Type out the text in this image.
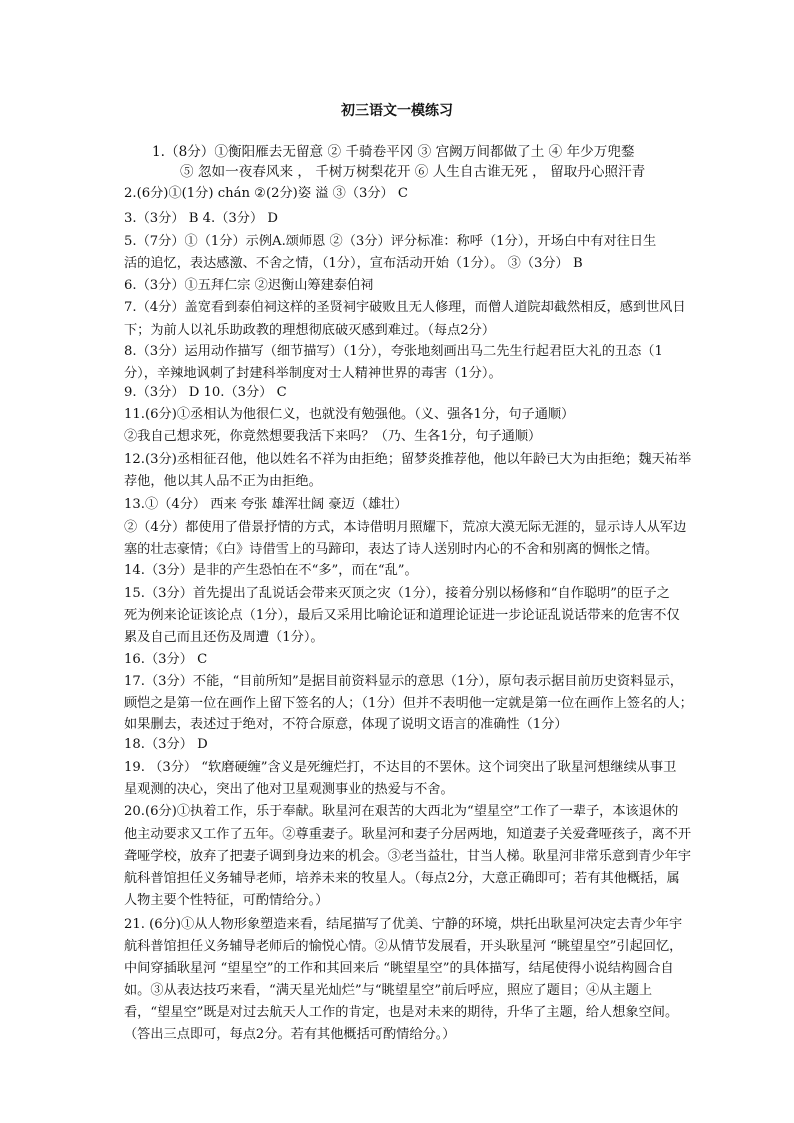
初三语文一模练习
1.（8分）①衡阳雁去无留意 ② 千骑卷平冈 ③ 宫阙万间都做了土 ④ 年少万兜鍪
⑤ 忽如一夜春风来 ， 千树万树梨花开 ⑥ 人生自古谁无死 ， 留取丹心照汗青
2.(6分)①(1分) chán ②(2分)姿 溢 ③（3分） C
3.（3分） B 4.（3分） D
5.（7分）①（1分）示例A.颂师恩 ②（3分）评分标准：称呼（1分），开场白中有对往日生
活的追忆，表达感激、不舍之情，（1分），宣布活动开始（1分）。 ③（3分） B
6.（3分）①五拜仁宗 ②迟衡山筹建泰伯祠
7.（4分）盖宽看到泰伯祠这样的圣贤祠宇破败且无人修理，而僧人道院却截然相反，感到世风日
下；为前人以礼乐助政教的理想彻底破灭感到难过。（每点2分）
8.（3分）运用动作描写（细节描写）（1分），夸张地刻画出马二先生行起君臣大礼的丑态（1
分），辛辣地讽刺了封建科举制度对士人精神世界的毒害（1分）。
9.（3分） D 10.（3分） C
11.(6分)①丞相认为他很仁义，也就没有勉强他。（义、强各1分，句子通顺）
②我自己想求死，你竟然想要我活下来吗？（乃、生各1分，句子通顺）
12.(3分)丞相征召他，他以姓名不祥为由拒绝；留梦炎推荐他，他以年龄已大为由拒绝；魏天祐举
荐他，他以其人品不正为由拒绝。
13.①（4分） 西来 夸张 雄浑壮阔 豪迈（雄壮）
②（4分）都使用了借景抒情的方式，本诗借明月照耀下，荒凉大漠无际无涯的，显示诗人从军边
塞的壮志豪情；《白》诗借雪上的马蹄印，表达了诗人送别时内心的不舍和别离的惆怅之情。
14.（3分）是非的产生恐怕在不“多”，而在“乱”。
15.（3分）首先提出了乱说话会带来灭顶之灾（1分），接着分别以杨修和“自作聪明”的臣子之
死为例来论证该论点（1分），最后又采用比喻论证和道理论证进一步论证乱说话带来的危害不仅
累及自己而且还伤及周遭（1分）。
16.（3分） C
17.（3分）不能，“目前所知”是据目前资料显示的意思（1分），原句表示据目前历史资料显示，
顾恺之是第一位在画作上留下签名的人；（1分）但并不表明他一定就是第一位在画作上签名的人；
如果删去，表述过于绝对，不符合原意，体现了说明文语言的准确性（1分）
18.（3分） D
19. （3分） “软磨硬缠”含义是死缠烂打，不达目的不罢休。这个词突出了耿星河想继续从事卫
星观测的决心，突出了他对卫星观测事业的热爱与不舍。
20.(6分)①执着工作，乐于奉献。耿星河在艰苦的大西北为“望星空”工作了一辈子，本该退休的
他主动要求又工作了五年。②尊重妻子。耿星河和妻子分居两地，知道妻子关爱聋哑孩子，离不开
聋哑学校，放弃了把妻子调到身边来的机会。③老当益壮，甘当人梯。耿星河非常乐意到青少年宇
航科普馆担任义务辅导老师，培养未来的牧星人。（每点2分，大意正确即可；若有其他概括，属
人物主要个性特征，可酌情给分。）
21. (6分)①从人物形象塑造来看，结尾描写了优美、宁静的环境，烘托出耿星河决定去青少年宇
航科普馆担任义务辅导老师后的愉悦心情。②从情节发展看，开头耿星河 “眺望星空”引起回忆，
中间穿插耿星河 “望星空”的工作和其回来后 “眺望星空”的具体描写，结尾使得小说结构圆合自
如。③从表达技巧来看，“满天星光灿烂”与“眺望星空”前后呼应，照应了题目；④从主题上
看，“望星空”既是对过去航天人工作的肯定，也是对未来的期待，升华了主题，给人想象空间。
（答出三点即可，每点2分。若有其他概括可酌情给分。）
